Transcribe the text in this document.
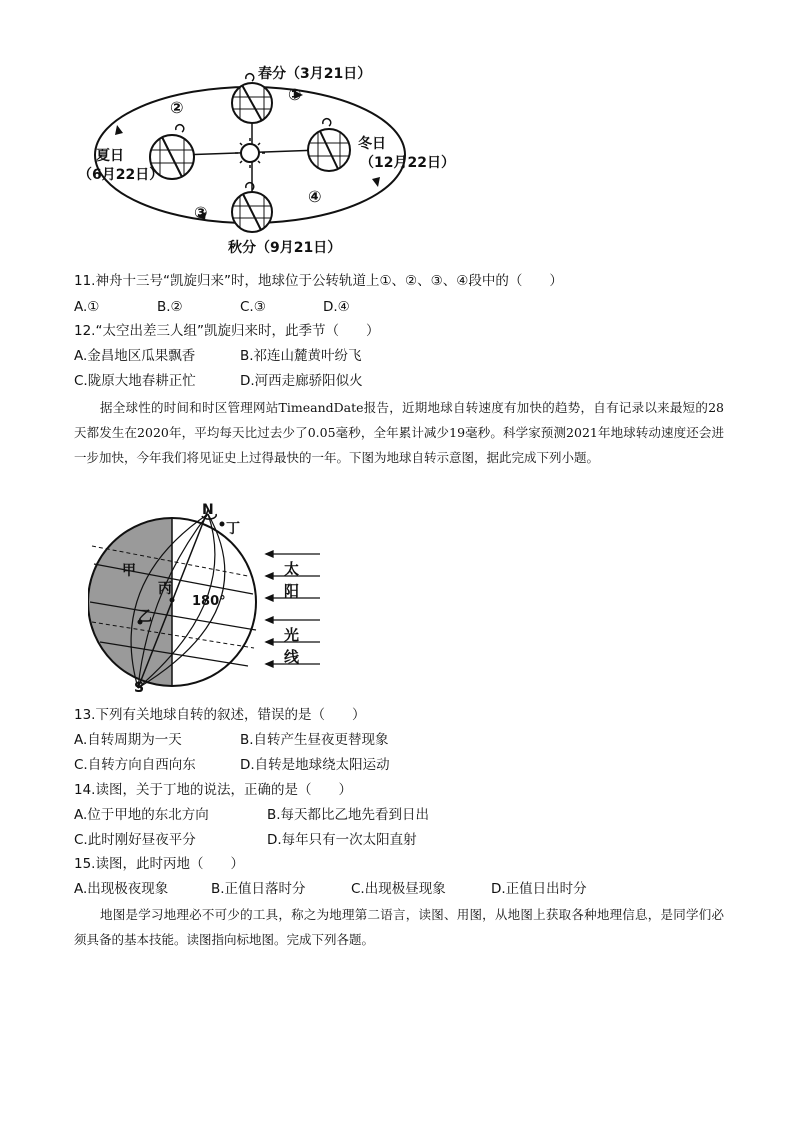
春分（3月21日）
夏日
（6月22日）
冬日
（12月22日）
秋分（9月21日）
①
②
③
④
11.神舟十三号“凯旋归来”时，地球位于公转轨道上①、②、③、④段中的（　　）
A.①	B.②	C.③	D.④
12.“太空出差三人组”凯旋归来时，此季节（　　）
A.金昌地区瓜果飘香	B.祁连山麓黄叶纷飞
C.陇原大地春耕正忙	D.河西走廊骄阳似火
据全球性的时间和时区管理网站TimeandDate报告，近期地球自转速度有加快的趋势，自有记录以来最短的28天都发生在2020年，平均每天比过去少了0.05毫秒，全年累计减少19毫秒。科学家预测2021年地球转动速度还会进一步加快，今年我们将见证史上过得最快的一年。下图为地球自转示意图，据此完成下列小题。
N
丁
甲
丙
乙
180°
S
太
阳
光
线
13.下列有关地球自转的叙述，错误的是（　　）
A.自转周期为一天	B.自转产生昼夜更替现象
C.自转方向自西向东	D.自转是地球绕太阳运动
14.读图，关于丁地的说法，正确的是（　　）
A.位于甲地的东北方向	B.每天都比乙地先看到日出
C.此时刚好昼夜平分	D.每年只有一次太阳直射
15.读图，此时丙地（　　）
A.出现极夜现象	B.正值日落时分	C.出现极昼现象	D.正值日出时分
地图是学习地理必不可少的工具，称之为地理第二语言，读图、用图，从地图上获取各种地理信息，是同学们必须具备的基本技能。读图指向标地图。完成下列各题。
